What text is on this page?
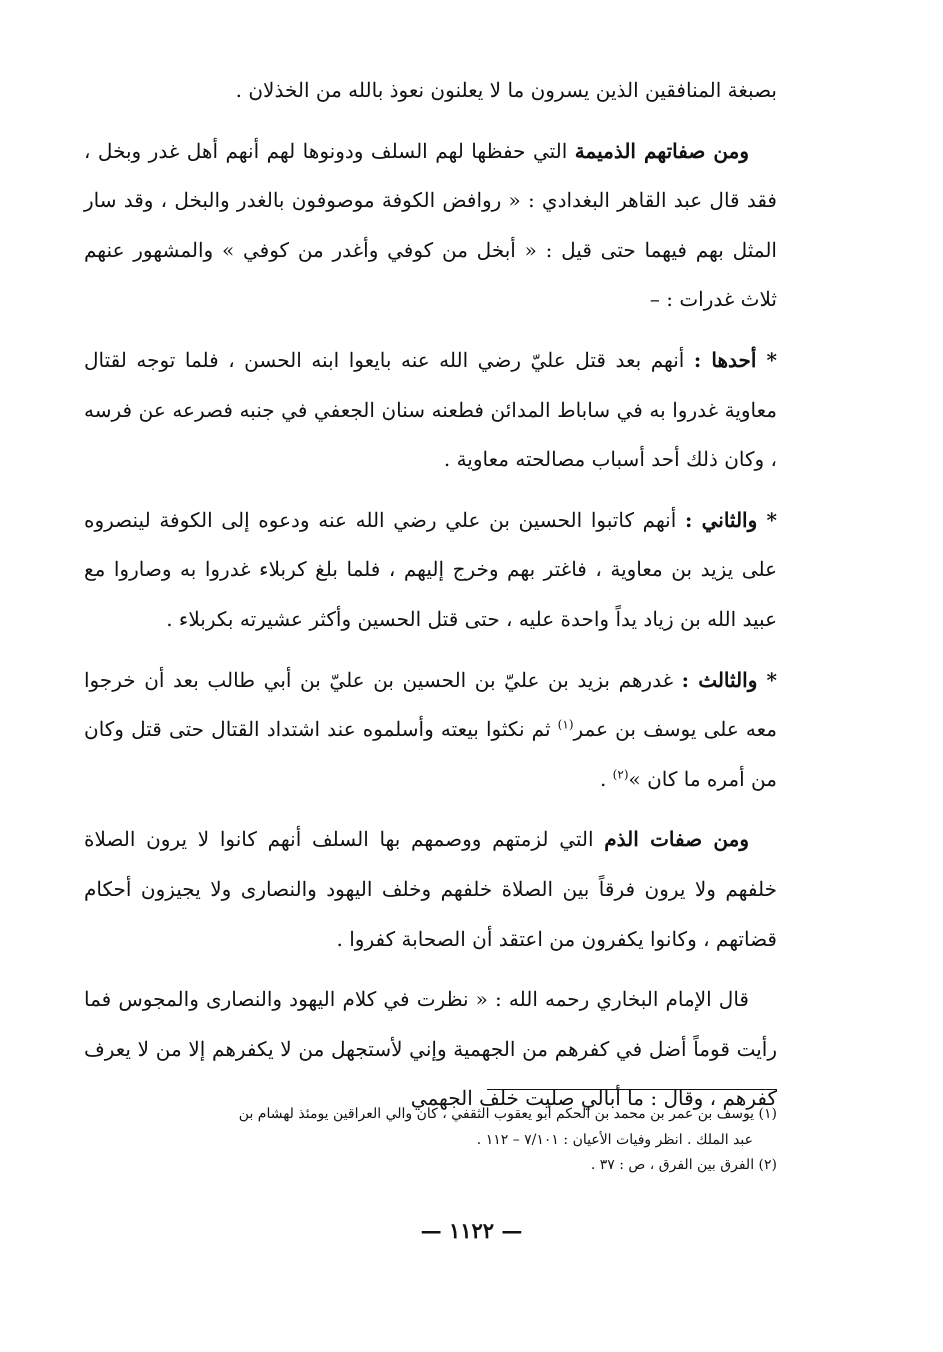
بصبغة المنافقين الذين يسرون ما لا يعلنون نعوذ بالله من الخذلان .

ومن صفاتهم الذميمة التي حفظها لهم السلف ودونوها لهم أنهم أهل غدر وبخل ، فقد قال عبد القاهر البغدادي : « روافض الكوفة موصوفون بالغدر والبخل ، وقد سار المثل بهم فيهما حتى قيل : « أبخل من كوفي وأغدر من كوفي » والمشهور عنهم ثلاث غدرات : –

* أحدها : أنهم بعد قتل عليّ رضي الله عنه بايعوا ابنه الحسن ، فلما توجه لقتال معاوية غدروا به في ساباط المدائن فطعنه سنان الجعفي في جنبه فصرعه عن فرسه ، وكان ذلك أحد أسباب مصالحته معاوية .

* والثاني : أنهم كاتبوا الحسين بن علي رضي الله عنه ودعوه إلى الكوفة لينصروه على يزيد بن معاوية ، فاغتر بهم وخرج إليهم ، فلما بلغ كربلاء غدروا به وصاروا مع عبيد الله بن زياد يداً واحدة عليه ، حتى قتل الحسين وأكثر عشيرته بكربلاء .

* والثالث : غدرهم بزيد بن عليّ بن الحسين بن عليّ بن أبي طالب بعد أن خرجوا معه على يوسف بن عمر$^{(١)}$ ثم نكثوا بيعته وأسلموه عند اشتداد القتال حتى قتل وكان من أمره ما كان »$^{(٢)}$ .

ومن صفات الذم التي لزمتهم ووصمهم بها السلف أنهم كانوا لا يرون الصلاة خلفهم ولا يرون فرقاً بين الصلاة خلفهم وخلف اليهود والنصارى ولا يجيزون أحكام قضاتهم ، وكانوا يكفرون من اعتقد أن الصحابة كفروا .

قال الإمام البخاري رحمه الله : « نظرت في كلام اليهود والنصارى والمجوس فما رأيت قوماً أضل في كفرهم من الجهمية وإني لأستجهل من لا يكفرهم إلا من لا يعرف كفرهم ، وقال : ما أبالي صليت خلف الجهمي

(١) يوسف بن عمر بن محمد بن الحكم أبو يعقوب الثقفي ، كان والي العراقين يومئذ لهشام بن

عبد الملك . انظر وفيات الأعيان : ٧/١٠١ – ١١٢ .

(٢) الفرق بين الفرق ، ص : ٣٧ .

— ١١٢٢ —
